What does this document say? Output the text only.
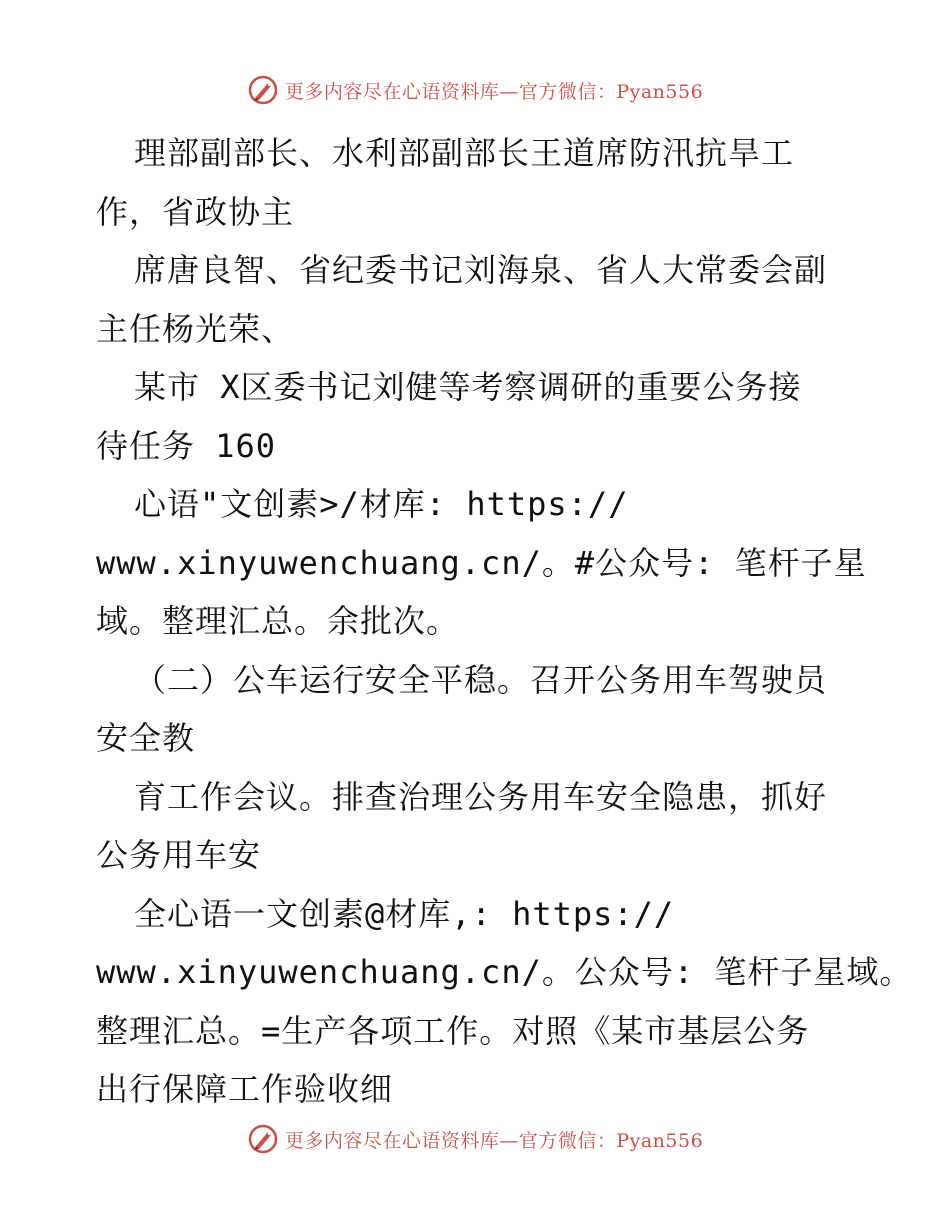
更多内容尽在心语资料库—官方微信：Pyan556
理部副部长、水利部副部长王道席防汛抗旱工
作，省政协主
席唐良智、省纪委书记刘海泉、省人大常委会副
主任杨光荣、
某市 X区委书记刘健等考察调研的重要公务接
待任务 160
心语"文创素>/材库: https://
www.xinyuwenchuang.cn/。#公众号: 笔杆子星
域。整理汇总。余批次。
（二）公车运行安全平稳。召开公务用车驾驶员
安全教
育工作会议。排查治理公务用车安全隐患，抓好
公务用车安
全心语一文创素@材库,: https://
www.xinyuwenchuang.cn/。公众号: 笔杆子星域。
整理汇总。=生产各项工作。对照《某市基层公务
出行保障工作验收细
更多内容尽在心语资料库—官方微信：Pyan556
